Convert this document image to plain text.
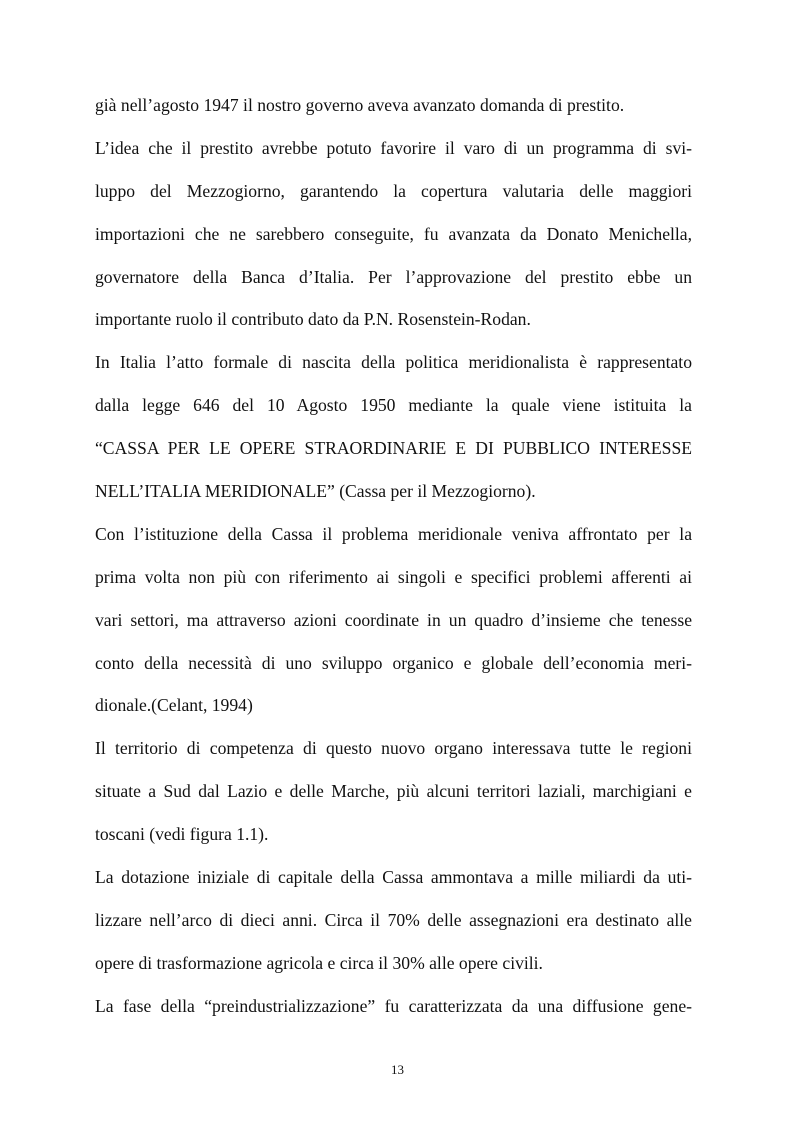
già nell’agosto 1947 il nostro governo aveva avanzato domanda di prestito.
L’idea che il prestito avrebbe potuto favorire il varo di un programma di svi-
luppo del Mezzogiorno, garantendo la copertura valutaria delle maggiori
importazioni che ne sarebbero conseguite, fu avanzata da Donato Menichella,
governatore della Banca d’Italia. Per l’approvazione del prestito ebbe un
importante ruolo il contributo dato da P.N. Rosenstein-Rodan.
In Italia l’atto formale di nascita della politica meridionalista è rappresentato
dalla legge 646 del 10 Agosto 1950 mediante la quale viene istituita la
“CASSA PER LE OPERE STRAORDINARIE E DI PUBBLICO INTERESSE
NELL’ITALIA MERIDIONALE” (Cassa per il Mezzogiorno).
Con l’istituzione della Cassa il problema meridionale veniva affrontato per la
prima volta non più con riferimento ai singoli e specifici problemi afferenti ai
vari settori, ma attraverso azioni coordinate in un quadro d’insieme che tenesse
conto della necessità di uno sviluppo organico e globale dell’economia meri-
dionale.(Celant, 1994)
Il territorio di competenza di questo nuovo organo interessava tutte le regioni
situate a Sud dal Lazio e delle Marche, più alcuni territori laziali, marchigiani e
toscani (vedi figura 1.1).
La dotazione iniziale di capitale della Cassa ammontava a mille miliardi da uti-
lizzare nell’arco di dieci anni. Circa il 70% delle assegnazioni era destinato alle
opere di trasformazione agricola e circa il 30% alle opere civili.
La fase della “preindustrializzazione” fu caratterizzata da una diffusione gene-
13
